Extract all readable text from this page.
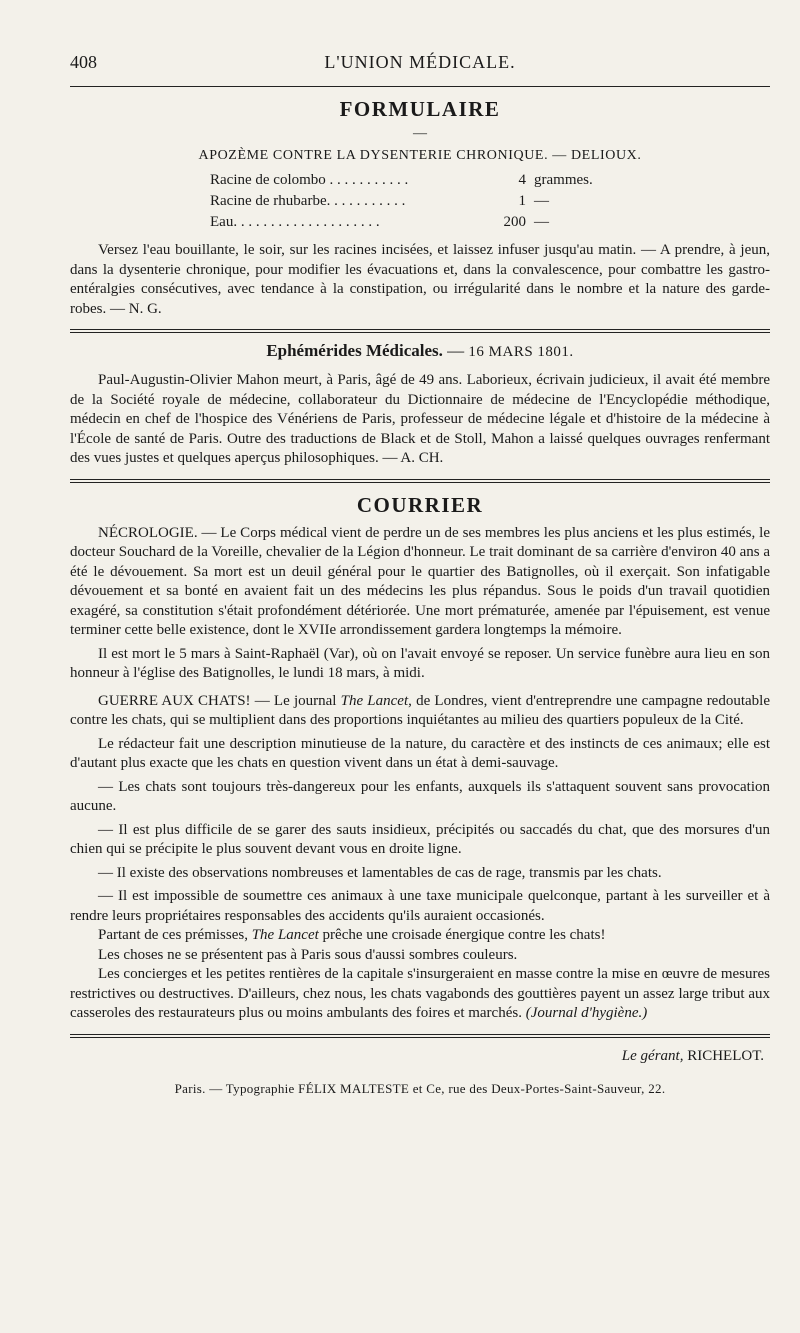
408	L'UNION MÉDICALE.
FORMULAIRE
—
APOZÈME CONTRE LA DYSENTERIE CHRONIQUE. — DELIOUX.
Racine de colombo . . . . . . . . . . .	4	grammes.
Racine de rhubarbe. . . . . . . . . . .	1	—
Eau. . . . . . . . . . . . . . . . . . . .	200	—

Versez l'eau bouillante, le soir, sur les racines incisées, et laissez infuser jusqu'au matin. — A prendre, à jeun, dans la dysenterie chronique, pour modifier les évacuations et, dans la convalescence, pour combattre les gastro-entéralgies consécutives, avec tendance à la constipation, ou irrégularité dans le nombre et la nature des garde-robes. — N. G.

Ephémérides Médicales. — 16 MARS 1801.

Paul-Augustin-Olivier Mahon meurt, à Paris, âgé de 49 ans. Laborieux, écrivain judicieux, il avait été membre de la Société royale de médecine, collaborateur du Dictionnaire de médecine de l'Encyclopédie méthodique, médecin en chef de l'hospice des Vénériens de Paris, professeur de médecine légale et d'histoire de la médecine à l'École de santé de Paris. Outre des traductions de Black et de Stoll, Mahon a laissé quelques ouvrages renfermant des vues justes et quelques aperçus philosophiques. — A. CH.

COURRIER

NÉCROLOGIE. — Le Corps médical vient de perdre un de ses membres les plus anciens et les plus estimés, le docteur Souchard de la Voreille, chevalier de la Légion d'honneur. Le trait dominant de sa carrière d'environ 40 ans a été le dévouement. Sa mort est un deuil général pour le quartier des Batignolles, où il exerçait. Son infatigable dévouement et sa bonté en avaient fait un des médecins les plus répandus. Sous le poids d'un travail quotidien exagéré, sa constitution s'était profondément détériorée. Une mort prématurée, amenée par l'épuisement, est venue terminer cette belle existence, dont le XVIIe arrondissement gardera longtemps la mémoire.

Il est mort le 5 mars à Saint-Raphaël (Var), où on l'avait envoyé se reposer. Un service funèbre aura lieu en son honneur à l'église des Batignolles, le lundi 18 mars, à midi.

GUERRE AUX CHATS! — Le journal The Lancet, de Londres, vient d'entreprendre une campagne redoutable contre les chats, qui se multiplient dans des proportions inquiétantes au milieu des quartiers populeux de la Cité.

Le rédacteur fait une description minutieuse de la nature, du caractère et des instincts de ces animaux; elle est d'autant plus exacte que les chats en question vivent dans un état à demi-sauvage.

— Les chats sont toujours très-dangereux pour les enfants, auxquels ils s'attaquent souvent sans provocation aucune.

— Il est plus difficile de se garer des sauts insidieux, précipités ou saccadés du chat, que des morsures d'un chien qui se précipite le plus souvent devant vous en droite ligne.

— Il existe des observations nombreuses et lamentables de cas de rage, transmis par les chats.

— Il est impossible de soumettre ces animaux à une taxe municipale quelconque, partant à les surveiller et à rendre leurs propriétaires responsables des accidents qu'ils auraient occasionés.

Partant de ces prémisses, The Lancet prêche une croisade énergique contre les chats!

Les choses ne se présentent pas à Paris sous d'aussi sombres couleurs.

Les concierges et les petites rentières de la capitale s'insurgeraient en masse contre la mise en œuvre de mesures restrictives ou destructives. D'ailleurs, chez nous, les chats vagabonds des gouttières payent un assez large tribut aux casseroles des restaurateurs plus ou moins ambulants des foires et marchés. (Journal d'hygiène.)

Le gérant, RICHELOT.
Paris. — Typographie FÉLIX MALTESTE et Ce, rue des Deux-Portes-Saint-Sauveur, 22.
